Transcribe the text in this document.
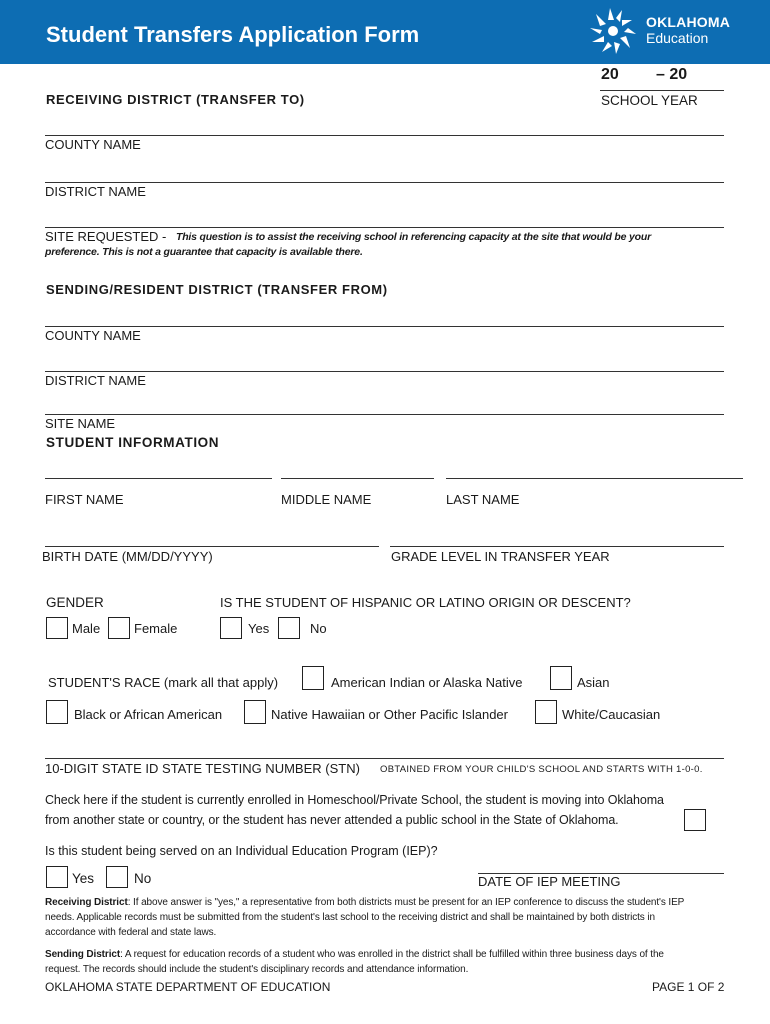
Student Transfers Application Form	OKLAHOMA
Education
20 – 20
SCHOOL YEAR
RECEIVING DISTRICT (TRANSFER TO)
COUNTY NAME
DISTRICT NAME
SITE REQUESTED - This question is to assist the receiving school in referencing capacity at the site that would be your
preference. This is not a guarantee that capacity is available there.
SENDING/RESIDENT DISTRICT (TRANSFER FROM)
COUNTY NAME
DISTRICT NAME
SITE NAME
STUDENT INFORMATION
FIRST NAME	MIDDLE NAME	LAST NAME
BIRTH DATE (MM/DD/YYYY)	GRADE LEVEL IN TRANSFER YEAR
GENDER	IS THE STUDENT OF HISPANIC OR LATINO ORIGIN OR DESCENT?
Male	Female	Yes	No
STUDENT'S RACE (mark all that apply)	American Indian or Alaska Native	Asian
Black or African American	Native Hawaiian or Other Pacific Islander	White/Caucasian
10-DIGIT STATE ID STATE TESTING NUMBER (STN) OBTAINED FROM YOUR CHILD'S SCHOOL AND STARTS WITH 1-0-0.
Check here if the student is currently enrolled in Homeschool/Private School, the student is moving into Oklahoma
from another state or country, or the student has never attended a public school in the State of Oklahoma.
Is this student being served on an Individual Education Program (IEP)?
Yes	No	DATE OF IEP MEETING
Receiving District: If above answer is "yes," a representative from both districts must be present for an IEP conference to discuss the student's IEP
needs. Applicable records must be submitted from the student's last school to the receiving district and shall be maintained by both districts in
accordance with federal and state laws.
Sending District: A request for education records of a student who was enrolled in the district shall be fulfilled within three business days of the
request. The records should include the student's disciplinary records and attendance information.
OKLAHOMA STATE DEPARTMENT OF EDUCATION	PAGE 1 OF 2
